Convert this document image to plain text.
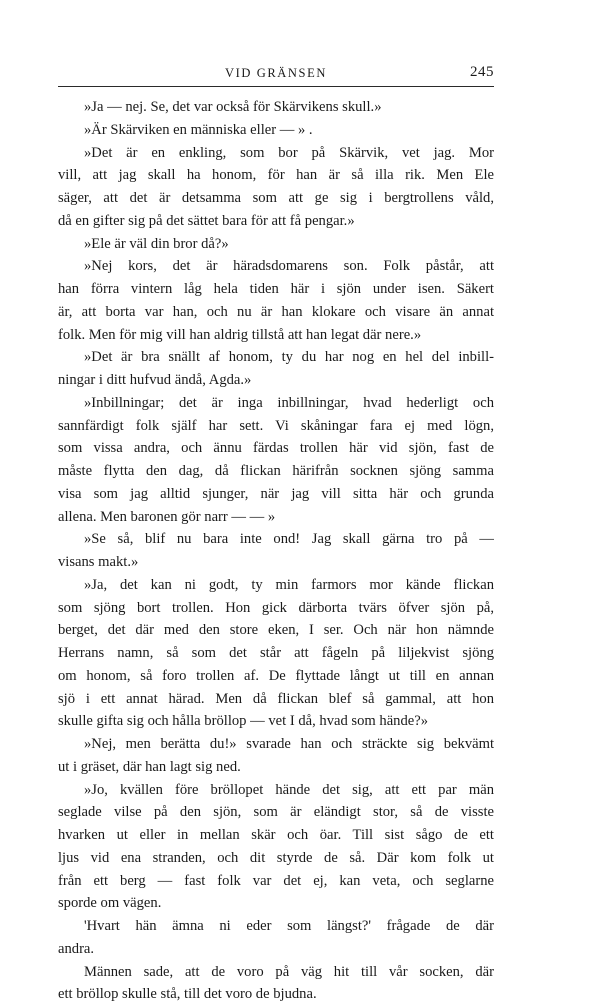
VID GRÄNSEN	245
»Ja — nej. Se, det var också för Skärvikens skull.»
»Är Skärviken en människa eller — » .
»Det är en enkling, som bor på Skärvik, vet jag. Mor
vill, att jag skall ha honom, för han är så illa rik. Men Ele
säger, att det är detsamma som att ge sig i bergtrollens våld,
då en gifter sig på det sättet bara för att få pengar.»
»Ele är väl din bror då?»
»Nej kors, det är häradsdomarens son. Folk påstår, att
han förra vintern låg hela tiden här i sjön under isen. Säkert
är, att borta var han, och nu är han klokare och visare än annat
folk. Men för mig vill han aldrig tillstå att han legat där nere.»
»Det är bra snällt af honom, ty du har nog en hel del inbill-
ningar i ditt hufvud ändå, Agda.»
»Inbillningar; det är inga inbillningar, hvad hederligt och
sannfärdigt folk själf har sett. Vi skåningar fara ej med lögn,
som vissa andra, och ännu färdas trollen här vid sjön, fast de
måste flytta den dag, då flickan härifrån socknen sjöng samma
visa som jag alltid sjunger, när jag vill sitta här och grunda
allena. Men baronen gör narr — — »
»Se så, blif nu bara inte ond! Jag skall gärna tro på —
visans makt.»
»Ja, det kan ni godt, ty min farmors mor kände flickan
som sjöng bort trollen. Hon gick därborta tvärs öfver sjön på,
berget, det där med den store eken, I ser. Och när hon nämnde
Herrans namn, så som det står att fågeln på liljekvist sjöng
om honom, så foro trollen af. De flyttade långt ut till en annan
sjö i ett annat härad. Men då flickan blef så gammal, att hon
skulle gifta sig och hålla bröllop — vet I då, hvad som hände?»
»Nej, men berätta du!» svarade han och sträckte sig bekvämt
ut i gräset, där han lagt sig ned.
»Jo, kvällen före bröllopet hände det sig, att ett par män
seglade vilse på den sjön, som är eländigt stor, så de visste
hvarken ut eller in mellan skär och öar. Till sist sågo de ett
ljus vid ena stranden, och dit styrde de så. Där kom folk ut
från ett berg — fast folk var det ej, kan veta, och seglarne
sporde om vägen.
'Hvart hän ämna ni eder som längst?' frågade de där
andra.
Männen sade, att de voro på väg hit till vår socken, där
ett bröllop skulle stå, till det voro de bjudna.
